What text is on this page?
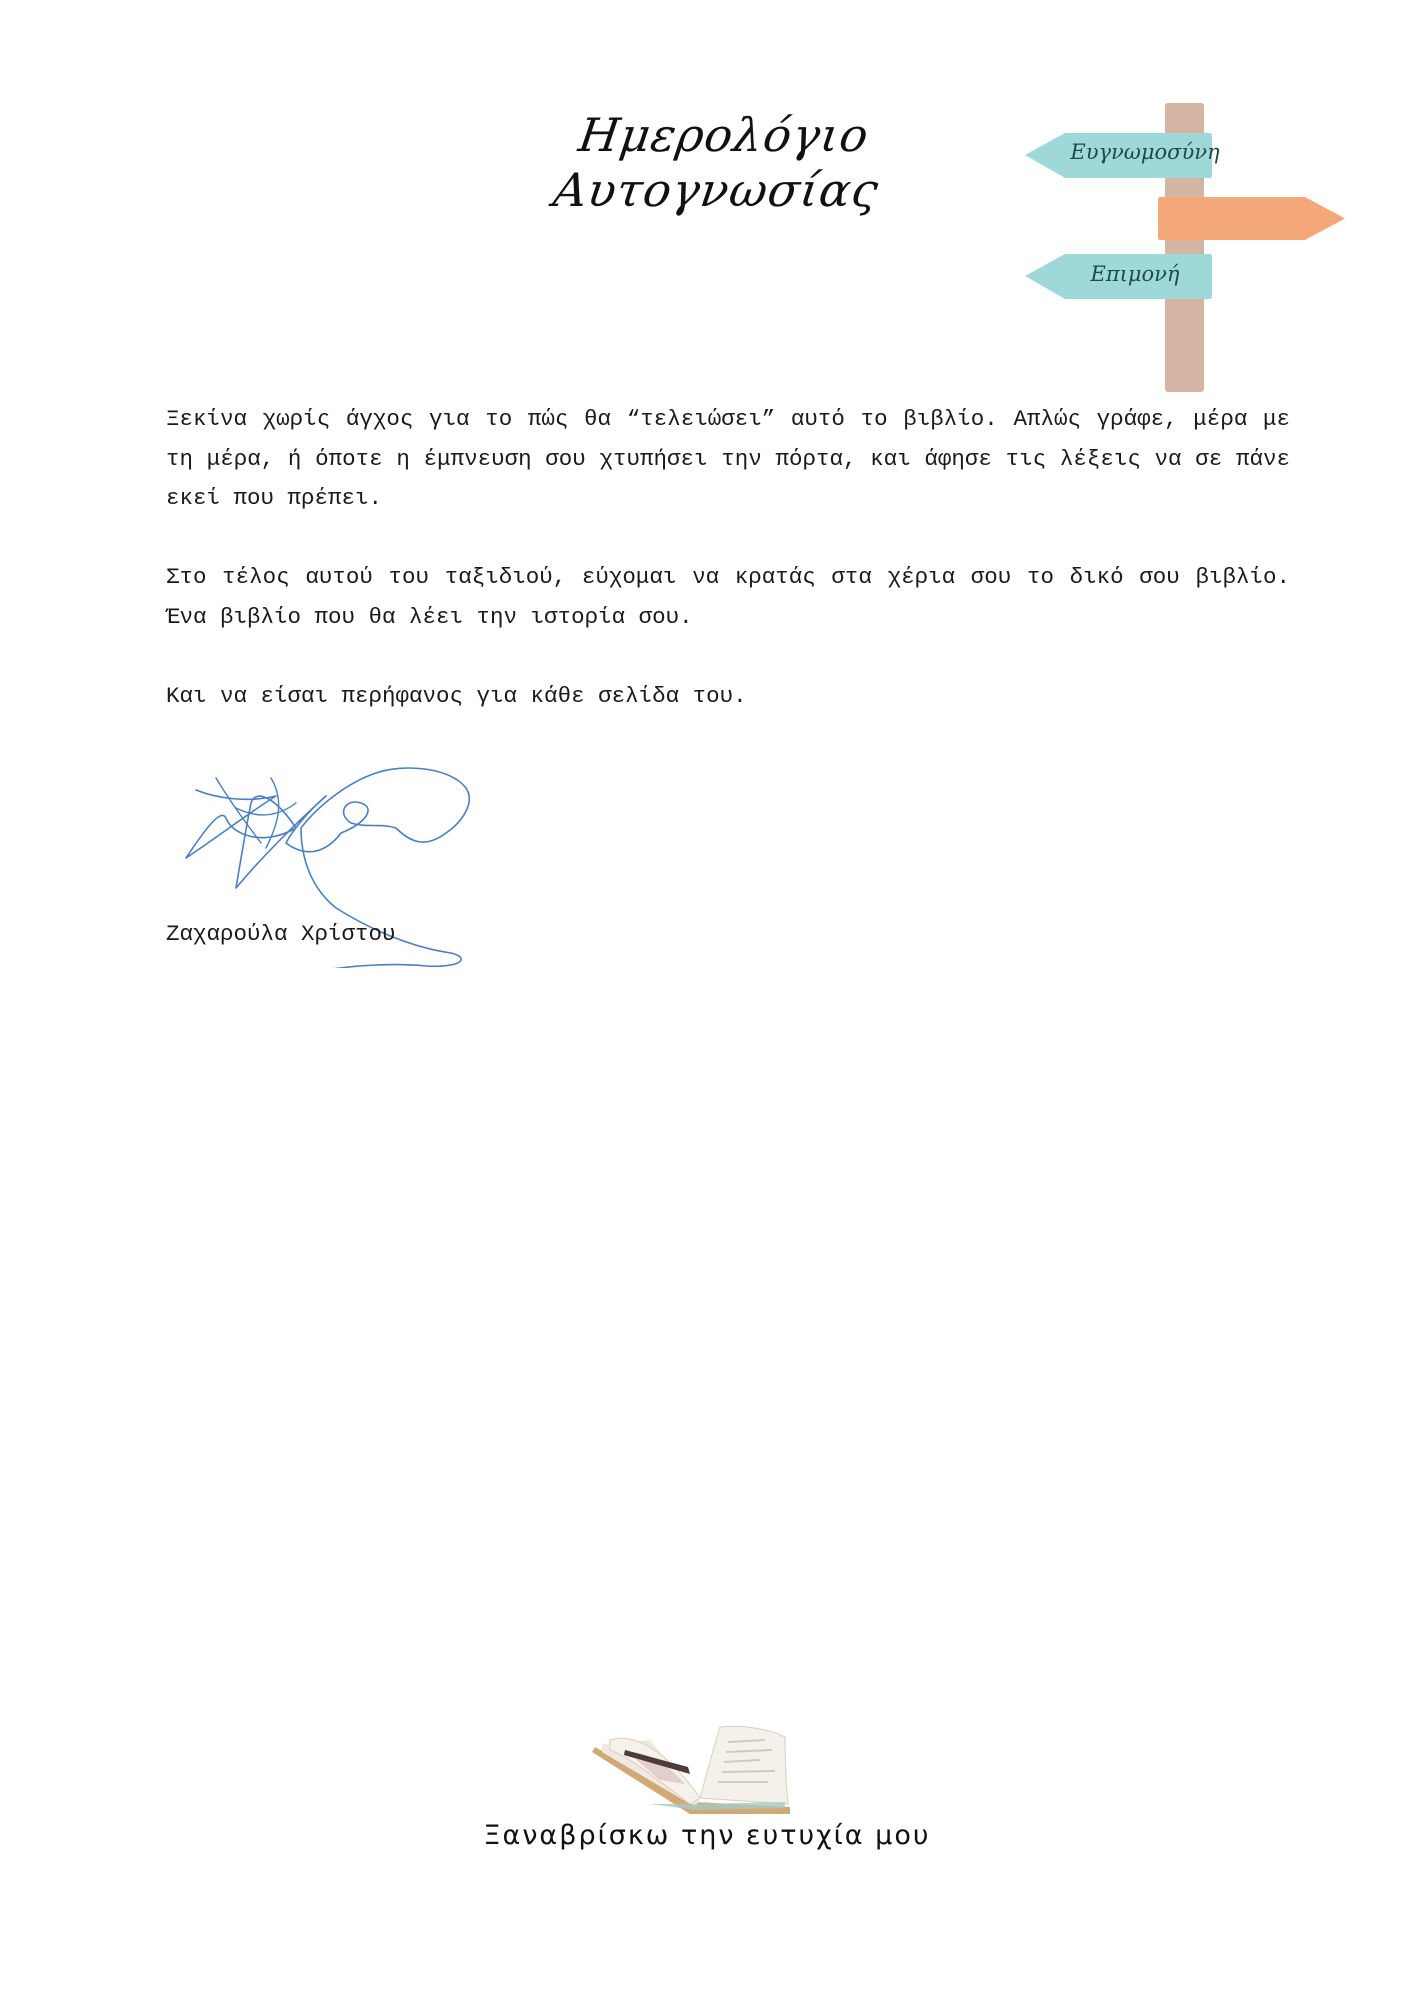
Ημερολόγιο Αυτογνωσίας
Ευγνωμοσύνη
Επιμονή

Ξεκίνα χωρίς άγχος για το πώς θα “τελειώσει” αυτό το βιβλίο. Απλώς γράφε, μέρα με τη μέρα, ή όποτε η έμπνευση σου χτυπήσει την πόρτα, και άφησε τις λέξεις να σε πάνε εκεί που πρέπει.

Στο τέλος αυτού του ταξιδιού, εύχομαι να κρατάς στα χέρια σου το δικό σου βιβλίο. Ένα βιβλίο που θα λέει την ιστορία σου.

Και να είσαι περήφανος για κάθε σελίδα του.

Ζαχαρούλα Χρίστου
Ξαναβρίσκω την ευτυχία μου
